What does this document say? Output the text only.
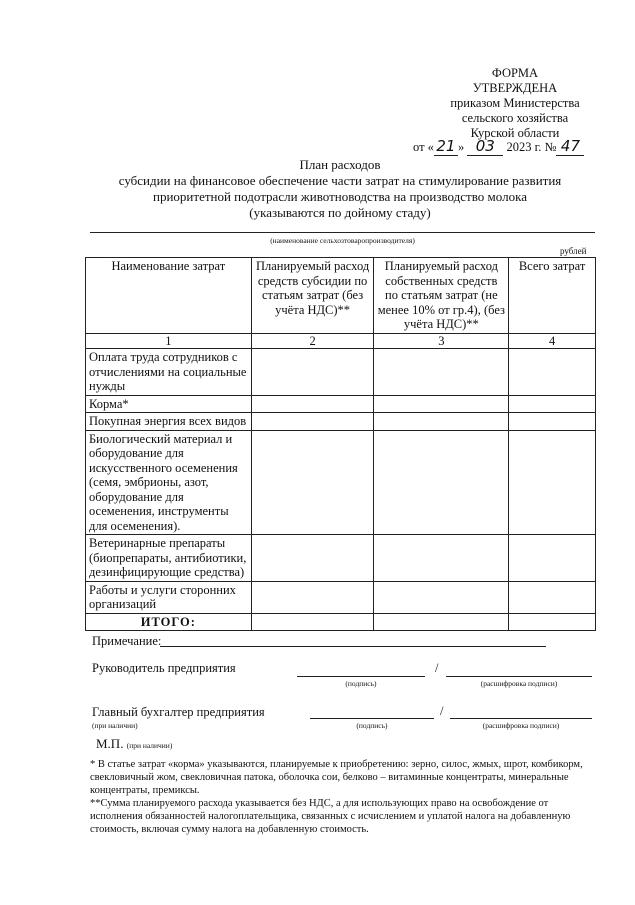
ФОРМА
УТВЕРЖДЕНА
приказом Министерства
сельского хозяйства
Курской области
от « 21 » 03 2023 г. № 47
План расходов
субсидии на финансовое обеспечение части затрат на стимулирование развития
приоритетной подотрасли животноводства на производство молока
(указываются по дойному стаду)
(наименование сельхозтоваропроизводителя)
рублей
Наименование затрат	Планируемый расход средств субсидии по статьям затрат (без учёта НДС)**	Планируемый расход собственных средств по статьям затрат (не менее 10% от гр.4), (без учёта НДС)**	Всего затрат
1	2	3	4
Оплата труда сотрудников с отчислениями на социальные нужды			
Корма*			
Покупная энергия всех видов			
Биологический материал и оборудование для искусственного осеменения (семя, эмбрионы, азот, оборудование для осеменения, инструменты для осеменения).			
Ветеринарные препараты (биопрепараты, антибиотики, дезинфицирующие средства)			
Работы и услуги сторонних организаций			
ИТОГО:			
Примечание:
Руководитель предприятия	/
(подпись)	(расшифровка подписи)
Главный бухгалтер предприятия
(при наличии)
/
(подпись)	(расшифровка подписи)
М.П. (при наличии)
* В статье затрат «корма» указываются, планируемые к приобретению: зерно, силос, жмых, шрот, комбикорм, свекловичный жом, свекловичная патока, оболочка сои, белково – витаминные концентраты, минеральные концентраты, премиксы.
**Сумма планируемого расхода указывается без НДС, а для использующих право на освобождение от исполнения обязанностей налогоплательщика, связанных с исчислением и уплатой налога на добавленную стоимость, включая сумму налога на добавленную стоимость.
